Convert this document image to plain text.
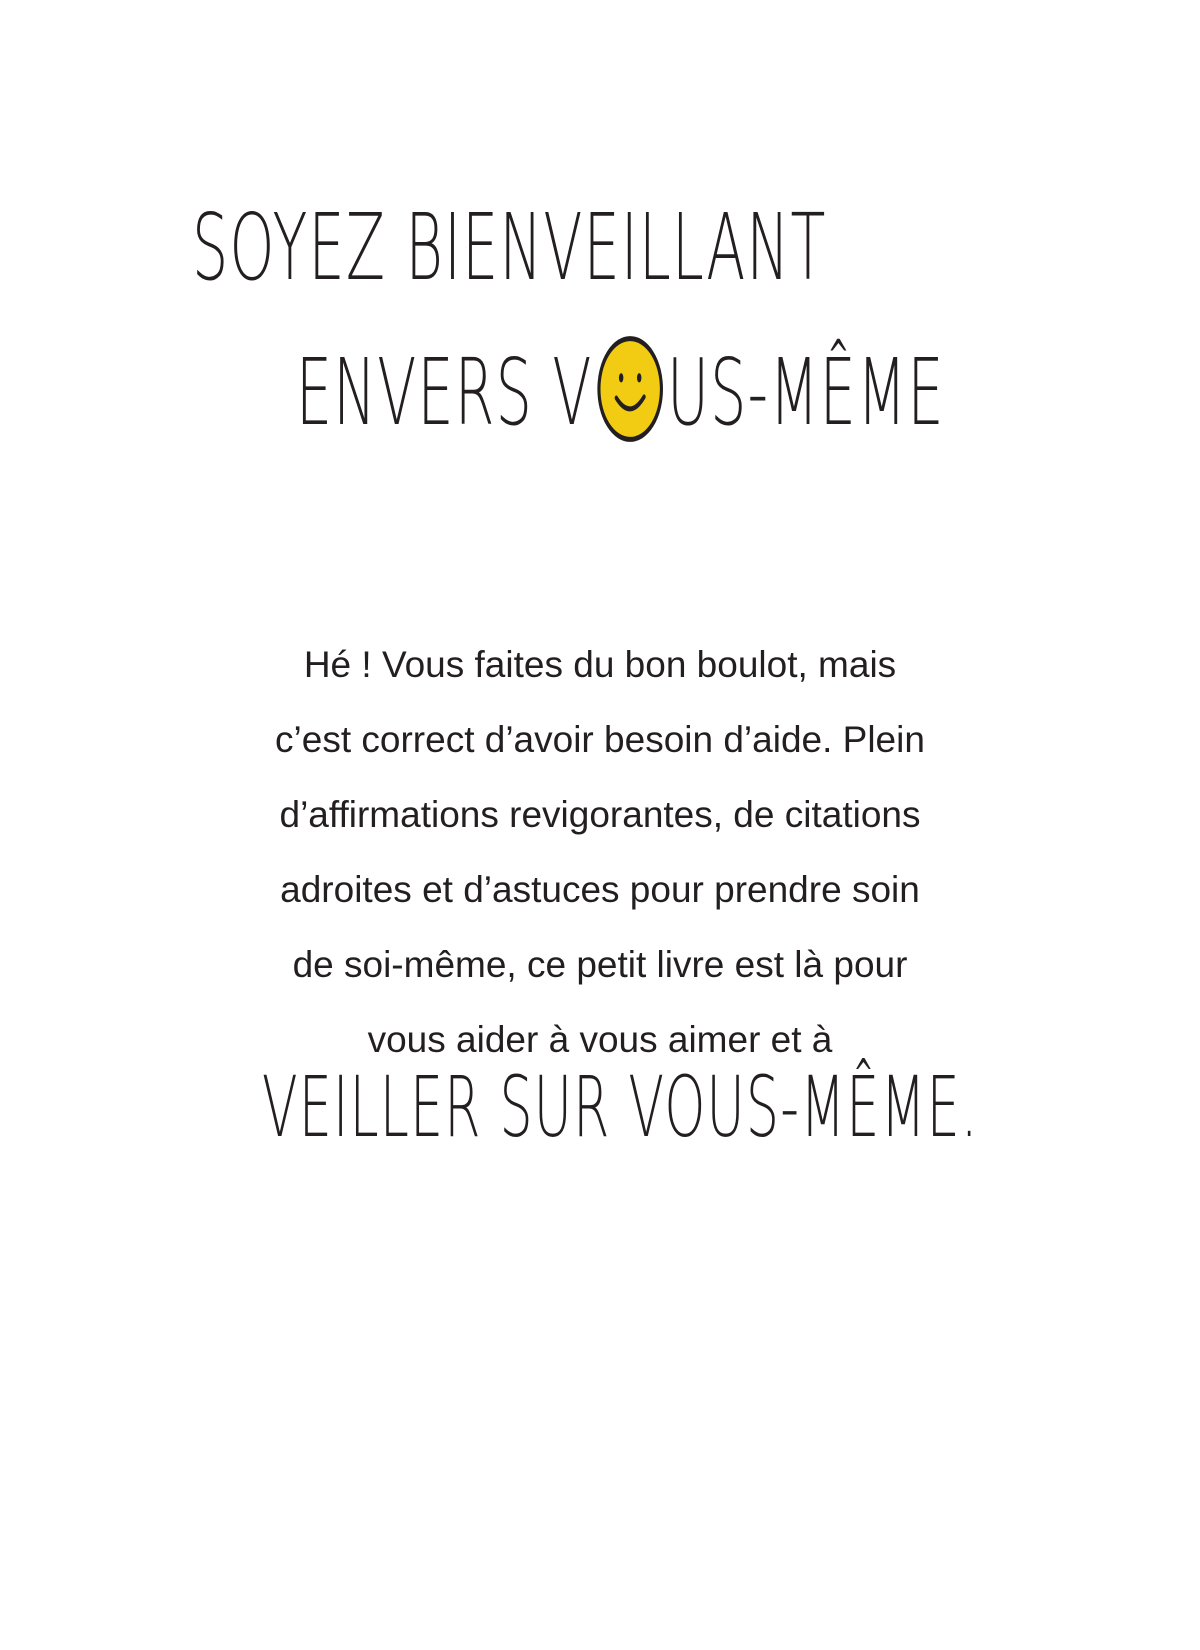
SOYEZ BIENVEILLANT
ENVERS V US-MÊME

Hé ! Vous faites du bon boulot, mais
c’est correct d’avoir besoin d’aide. Plein
d’affirmations revigorantes, de citations
adroites et d’astuces pour prendre soin
de soi-même, ce petit livre est là pour
vous aider à vous aimer et à

VEILLER SUR VOUS-MÊME.
